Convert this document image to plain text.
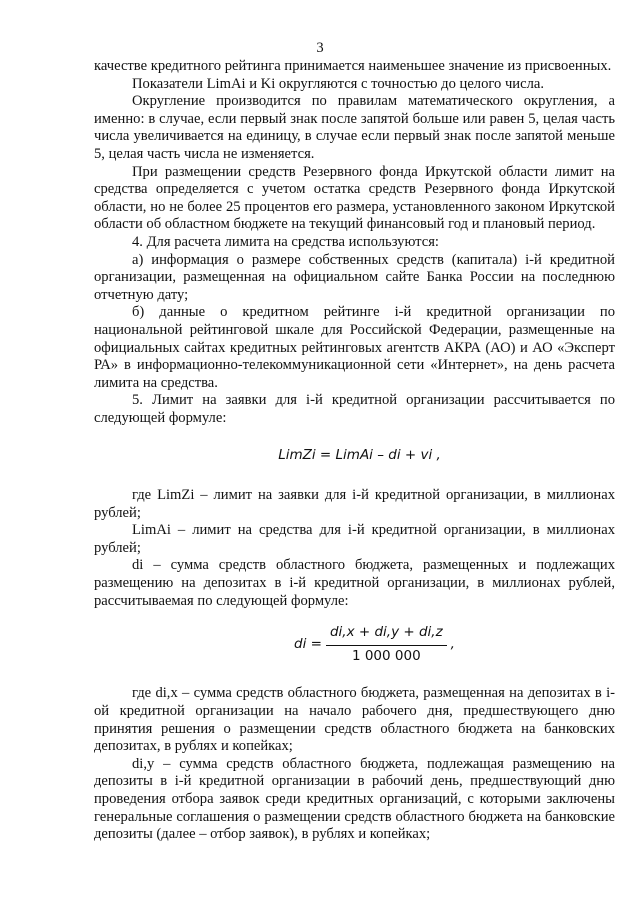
3

качестве кредитного рейтинга принимается наименьшее значение из присвоенных.

Показатели LimAi и Ki округляются с точностью до целого числа.

Округление производится по правилам математического округления, а именно: в случае, если первый знак после запятой больше или равен 5, целая часть числа увеличивается на единицу, в случае если первый знак после запятой меньше 5, целая часть числа не изменяется.

При размещении средств Резервного фонда Иркутской области лимит на средства определяется с учетом остатка средств Резервного фонда Иркутской области, но не более 25 процентов его размера, установленного законом Иркутской области об областном бюджете на текущий финансовый год и плановый период.

4. Для расчета лимита на средства используются:

а) информация о размере собственных средств (капитала) i-й кредитной организации, размещенная на официальном сайте Банка России на последнюю отчетную дату;

б) данные о кредитном рейтинге i-й кредитной организации по национальной рейтинговой шкале для Российской Федерации, размещенные на официальных сайтах кредитных рейтинговых агентств АКРА (АО) и АО «Эксперт РА» в информационно-телекоммуникационной сети «Интернет», на день расчета лимита на средства.

5. Лимит на заявки для i-й кредитной организации рассчитывается по следующей формуле:

LimZi = LimAi – di + vi ,

где LimZi – лимит на заявки для i-й кредитной организации, в миллионах рублей;

LimAi – лимит на средства для i-й кредитной организации, в миллионах рублей;

di – сумма средств областного бюджета, размещенных и подлежащих размещению на депозитах в i-й кредитной организации, в миллионах рублей, рассчитываемая по следующей формуле:

di = $\frac{di,x + di,y + di,z}{1 000 000}$ ,

где di,x – сумма средств областного бюджета, размещенная на депозитах в i-ой кредитной организации на начало рабочего дня, предшествующего дню принятия решения о размещении средств областного бюджета на банковских депозитах, в рублях и копейках;

di,y – сумма средств областного бюджета, подлежащая размещению на депозиты в i-й кредитной организации в рабочий день, предшествующий дню проведения отбора заявок среди кредитных организаций, с которыми заключены генеральные соглашения о размещении средств областного бюджета на банковские депозиты (далее – отбор заявок), в рублях и копейках;
